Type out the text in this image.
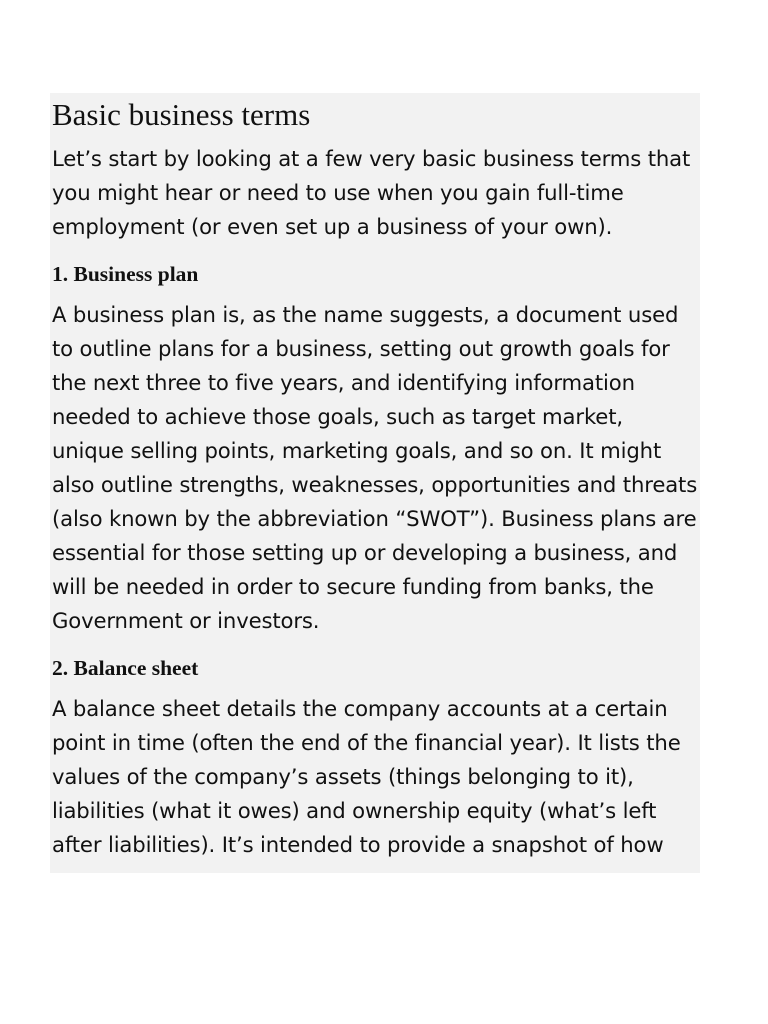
Basic business terms

Let’s start by looking at a few very basic business terms that you might hear or need to use when you gain full-time employment (or even set up a business of your own).

1. Business plan

A business plan is, as the name suggests, a document used to outline plans for a business, setting out growth goals for the next three to five years, and identifying information needed to achieve those goals, such as target market, unique selling points, marketing goals, and so on. It might also outline strengths, weaknesses, opportunities and threats (also known by the abbreviation “SWOT”). Business plans are essential for those setting up or developing a business, and will be needed in order to secure funding from banks, the Government or investors.

2. Balance sheet

A balance sheet details the company accounts at a certain point in time (often the end of the financial year). It lists the values of the company’s assets (things belonging to it), liabilities (what it owes) and ownership equity (what’s left after liabilities). It’s intended to provide a snapshot of how
